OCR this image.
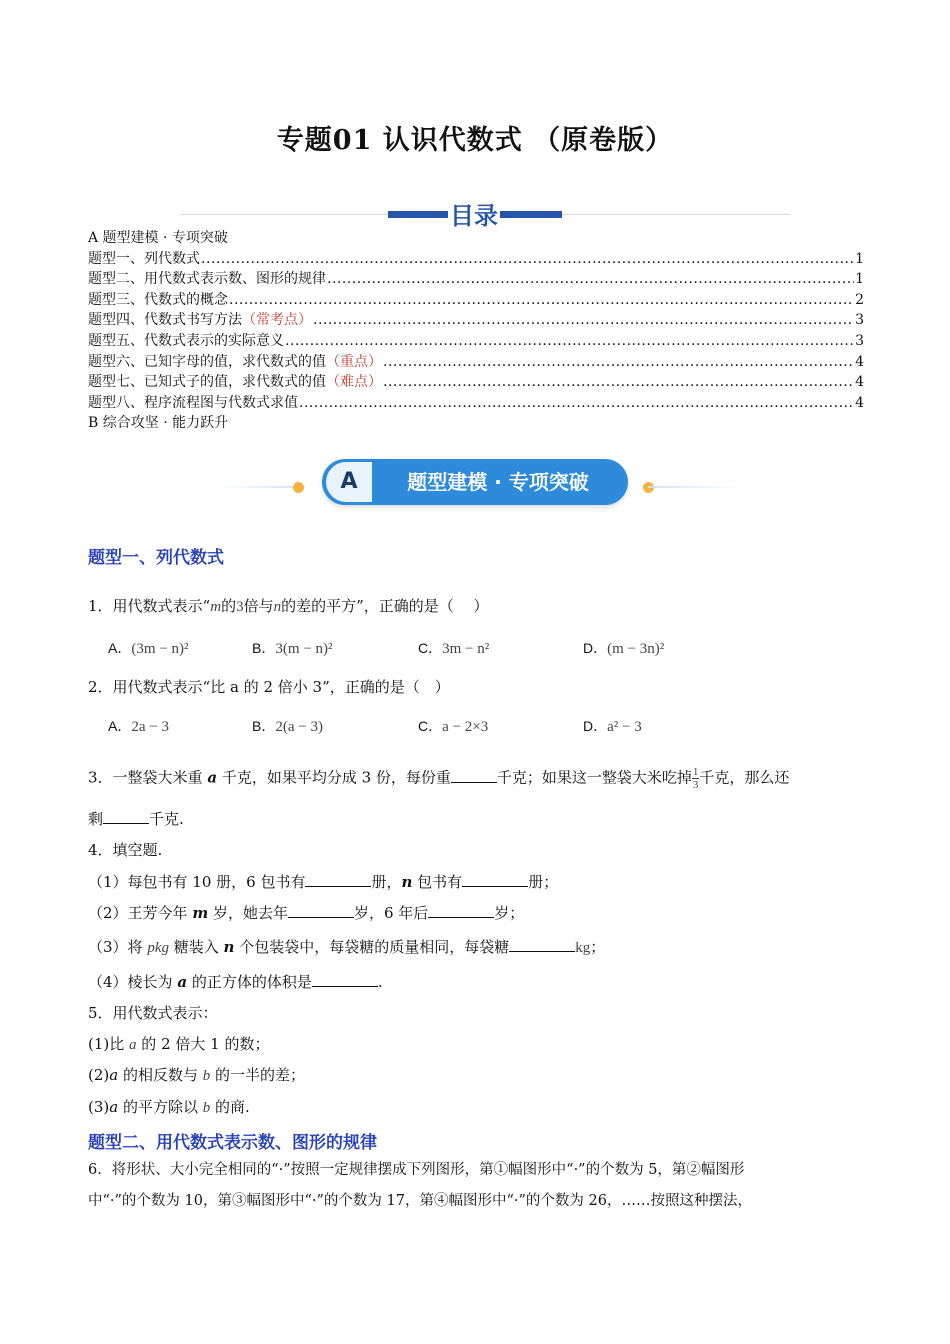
专题01 认识代数式 （原卷版）
目录
A 题型建模 · 专项突破
题型一、列代数式 .....	1
题型二、用代数式表示数、图形的规律 .....	1
题型三、代数式的概念 .....	2
题型四、代数式书写方法 （常考点） .....	3
题型五、代数式表示的实际意义 .....	3
题型六、已知字母的值，求代数式的值 （重点） .....	4
题型七、已知式子的值，求代数式的值 （难点） .....	4
题型八、程序流程图与代数式求值 .....	4
B 综合攻坚 · 能力跃升
A	题型建模 · 专项突破
题型一、列代数式
1．用代数式表示“m的3倍与n的差的平方”，正确的是（　 ）
A．(3m − n)²	B．3(m − n)²	C．3m − n²	D．(m − 3n)²
2．用代数式表示“比 a 的 2 倍小 3”，正确的是（　）
A．2a − 3	B．2(a − 3)	C．a − 2×3	D．a² − 3
3．一整袋大米重 a 千克，如果平均分成 3 份，每份重	千克；如果这一整袋大米吃掉 $\frac{1}{3}$ 千克，那么还
剩	千克.
4．填空题.
（1）每包书有 10 册，6 包书有	册，n 包书有	册；
（2）王芳今年 m 岁，她去年	岁，6 年后	岁；
（3）将 pkg 糖装入 n 个包装袋中，每袋糖的质量相同，每袋糖	kg；
（4）棱长为 a 的正方体的体积是	.
5．用代数式表示：
(1)比 a 的 2 倍大 1 的数；
(2)a 的相反数与 b 的一半的差；
(3)a 的平方除以 b 的商.
题型二、用代数式表示数、图形的规律
6．将形状、大小完全相同的“·”按照一定规律摆成下列图形，第①幅图形中“·”的个数为 5，第②幅图形
中“·”的个数为 10，第③幅图形中“·”的个数为 17，第④幅图形中“·”的个数为 26，……按照这种摆法，
